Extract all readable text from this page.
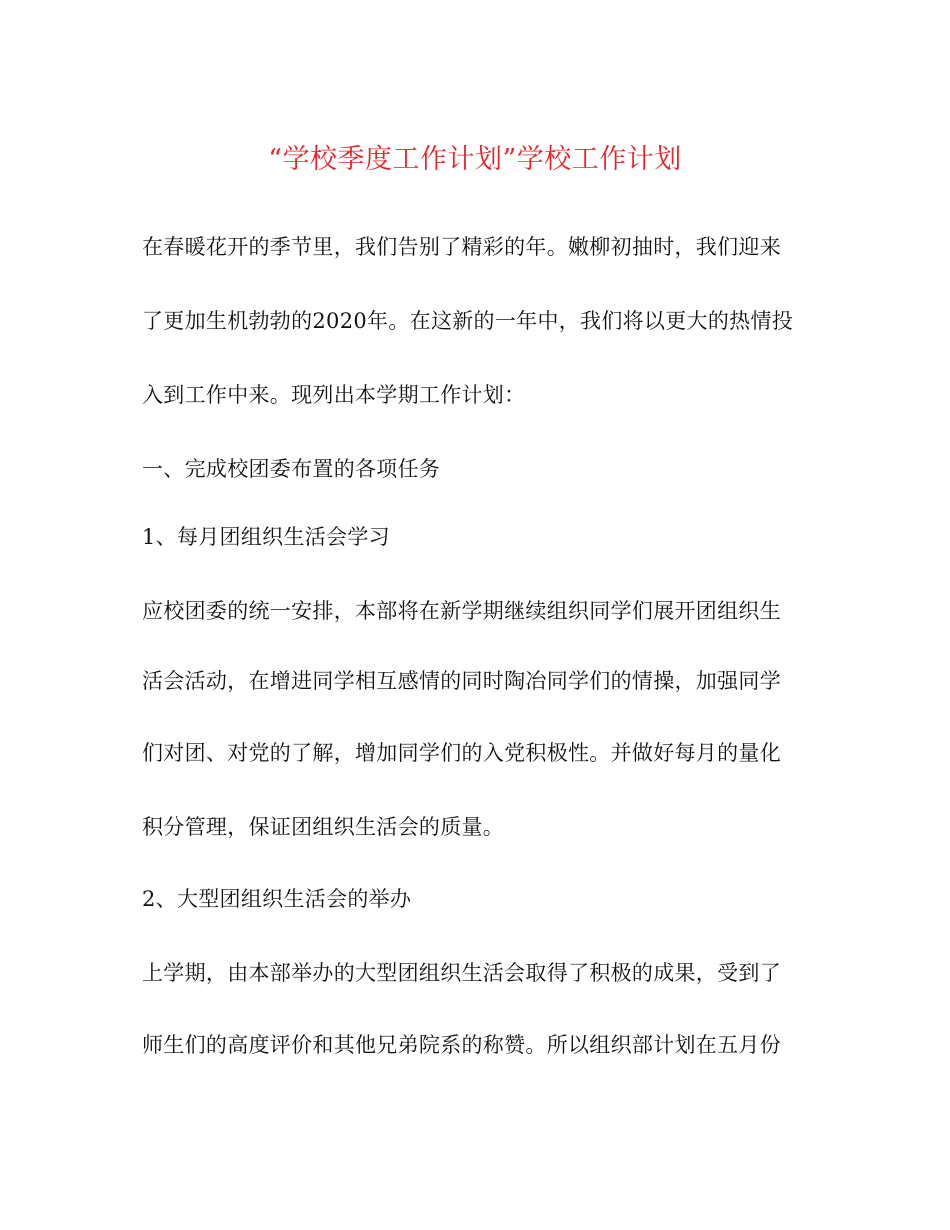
“学校季度工作计划”学校工作计划
在春暖花开的季节里，我们告别了精彩的年。嫩柳初抽时，我们迎来
了更加生机勃勃的2020年。在这新的一年中，我们将以更大的热情投
入到工作中来。现列出本学期工作计划：
一、完成校团委布置的各项任务
1、每月团组织生活会学习
应校团委的统一安排，本部将在新学期继续组织同学们展开团组织生
活会活动，在增进同学相互感情的同时陶冶同学们的情操，加强同学
们对团、对党的了解，增加同学们的入党积极性。并做好每月的量化
积分管理，保证团组织生活会的质量。
2、大型团组织生活会的举办
上学期，由本部举办的大型团组织生活会取得了积极的成果，受到了
师生们的高度评价和其他兄弟院系的称赞。所以组织部计划在五月份
